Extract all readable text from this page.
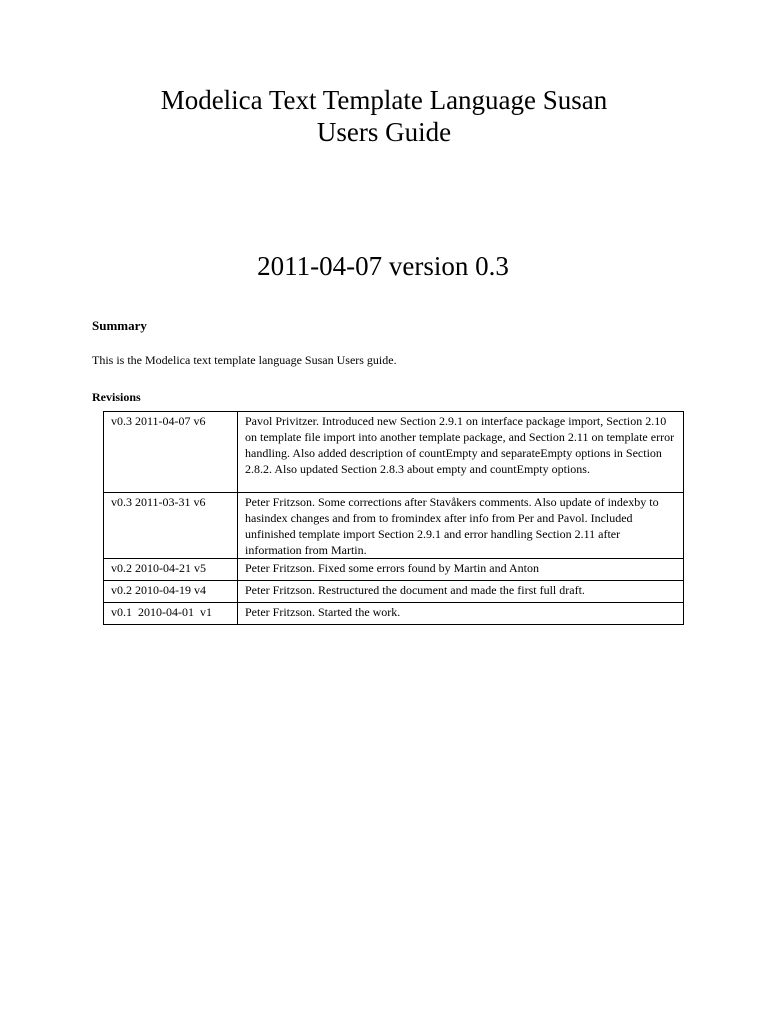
Modelica Text Template Language Susan
Users Guide
2011-04-07 version 0.3
Summary
This is the Modelica text template language Susan Users guide.
Revisions
v0.3 2011-04-07 v6	Pavol Privitzer. Introduced new Section 2.9.1 on interface package import, Section 2.10 on template file import into another template package, and Section 2.11 on template error handling. Also added description of countEmpty and separateEmpty options in Section 2.8.2. Also updated Section 2.8.3 about empty and countEmpty options.
v0.3 2011-03-31 v6	Peter Fritzson. Some corrections after Stavåkers comments. Also update of indexby to hasindex changes and from to fromindex after info from Per and Pavol. Included unfinished template import Section 2.9.1 and error handling Section 2.11 after information from Martin.
v0.2 2010-04-21 v5	Peter Fritzson. Fixed some errors found by Martin and Anton
v0.2 2010-04-19 v4	Peter Fritzson. Restructured the document and made the first full draft.
v0.1  2010-04-01  v1	Peter Fritzson. Started the work.
